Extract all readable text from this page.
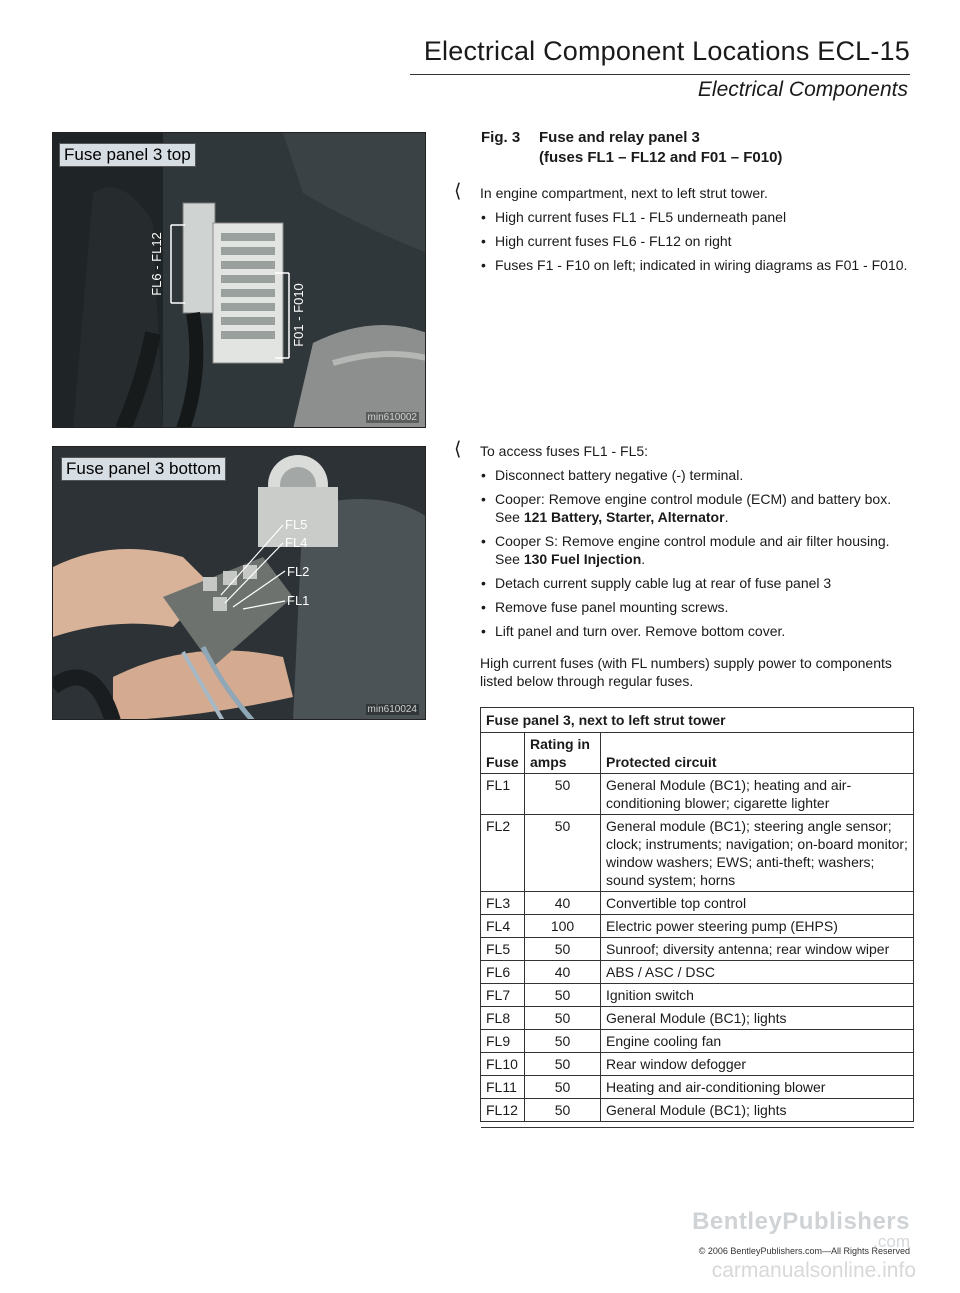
Electrical Component Locations ECL-15
Electrical Components
FL6 - FL12
F01 - F010
Fuse panel 3 top
min610002
FL5
FL4
FL2
FL1
Fuse panel 3 bottom
min610024
Fig. 3 Fuse and relay panel 3
(fuses FL1 – FL12 and F01 – F010)
⟨ In engine compartment, next to left strut tower.
• High current fuses FL1 - FL5 underneath panel
• High current fuses FL6 - FL12 on right
• Fuses F1 - F10 on left; indicated in wiring diagrams as F01 - F010.
⟨ To access fuses FL1 - FL5:
• Disconnect battery negative (-) terminal.
• Cooper: Remove engine control module (ECM) and battery box. See 121 Battery, Starter, Alternator.
• Cooper S: Remove engine control module and air filter housing. See 130 Fuel Injection.
• Detach current supply cable lug at rear of fuse panel 3
• Remove fuse panel mounting screws.
• Lift panel and turn over. Remove bottom cover.
High current fuses (with FL numbers) supply power to components listed below through regular fuses.
Fuse panel 3, next to left strut tower		
Fuse	Rating in amps	Protected circuit
FL1	50	General Module (BC1); heating and air-conditioning blower; cigarette lighter
FL2	50	General module (BC1); steering angle sensor; clock; instruments; navigation; on-board monitor; window washers; EWS; anti-theft; washers; sound system; horns
FL3	40	Convertible top control
FL4	100	Electric power steering pump (EHPS)
FL5	50	Sunroof; diversity antenna; rear window wiper
FL6	40	ABS / ASC / DSC
FL7	50	Ignition switch
FL8	50	General Module (BC1); lights
FL9	50	Engine cooling fan
FL10	50	Rear window defogger
FL11	50	Heating and air-conditioning blower
FL12	50	General Module (BC1); lights

BentleyPublishers
.com
© 2006 BentleyPublishers.com—All Rights Reserved
carmanualsonline.info
